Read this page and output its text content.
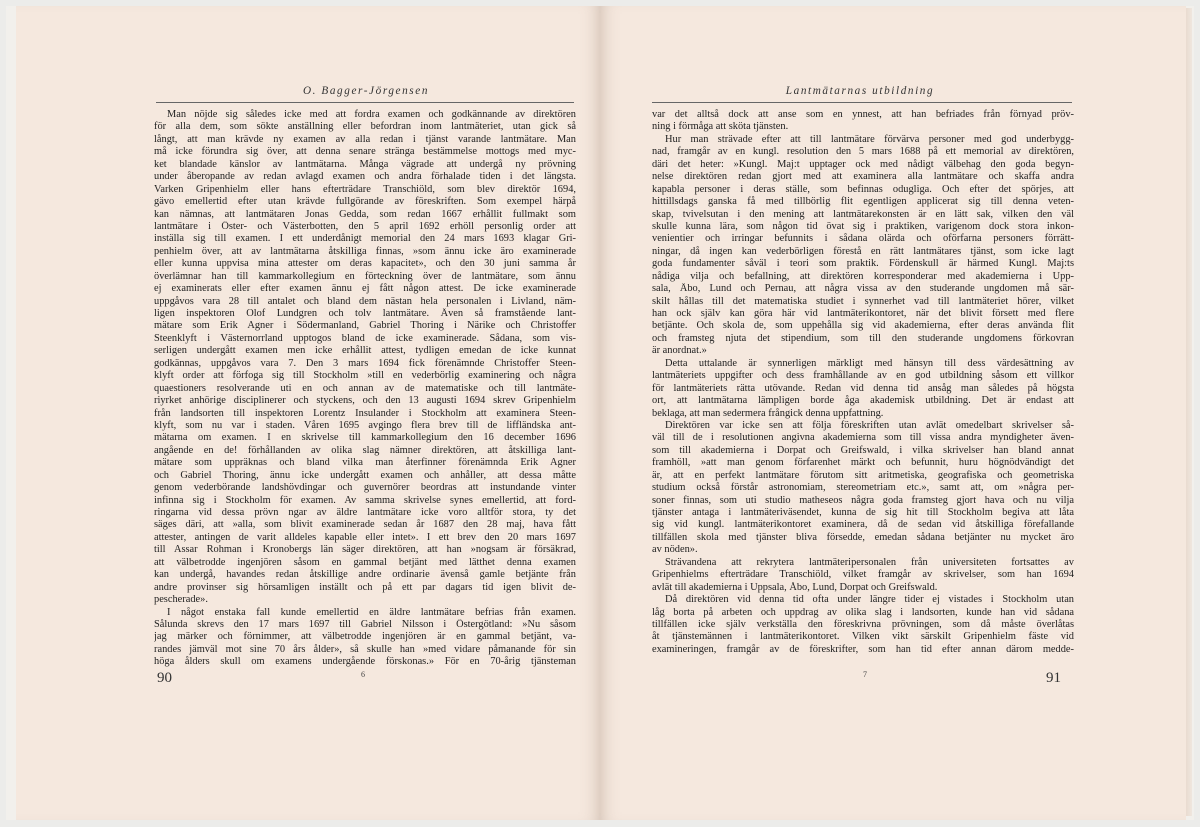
O. Bagger-Jörgensen
Man nöjde sig således icke med att fordra examen och godkännande av direktören
för alla dem, som sökte anställning eller befordran inom lantmäteriet, utan gick så
långt, att man krävde ny examen av alla redan i tjänst varande lantmätare. Man
må icke förundra sig över, att denna senare stränga bestämmelse mottogs med myc-
ket blandade känslor av lantmätarna. Många vägrade att undergå ny prövning
under åberopande av redan avlagd examen och andra förhalade tiden i det längsta.
Varken Gripenhielm eller hans efterträdare Transchiöld, som blev direktör 1694,
gävo emellertid efter utan krävde fullgörande av föreskriften. Som exempel härpå
kan nämnas, att lantmätaren Jonas Gedda, som redan 1667 erhållit fullmakt som
lantmätare i Öster- och Västerbotten, den 5 april 1692 erhöll personlig order att
inställa sig till examen. I ett underdånigt memorial den 24 mars 1693 klagar Gri-
penhielm över, att av lantmätarna åtskilliga finnas, »som ännu icke äro examinerade
eller kunna uppvisa mina attester om deras kapacitet», och den 30 juni samma år
överlämnar han till kammarkollegium en förteckning över de lantmätare, som ännu
ej examinerats eller efter examen ännu ej fått någon attest. De icke examinerade
uppgåvos vara 28 till antalet och bland dem nästan hela personalen i Livland, näm-
ligen inspektoren Olof Lundgren och tolv lantmätare. Även så framstående lant-
mätare som Erik Agner i Södermanland, Gabriel Thoring i Närike och Christoffer
Steenklyft i Västernorrland upptogos bland de icke examinerade. Sådana, som vis-
serligen undergått examen men icke erhållit attest, tydligen emedan de icke kunnat
godkännas, uppgåvos vara 7. Den 3 mars 1694 fick förenämnde Christoffer Steen-
klyft order att förfoga sig till Stockholm »till en vederbörlig examinering och några
quaestioners resolverande uti en och annan av de matematiske och till lantmäte-
riyrket anhörige disciplinerer och styckens, och den 13 augusti 1694 skrev Gripenhielm
från landsorten till inspektoren Lorentz Insulander i Stockholm att examinera Steen-
klyft, som nu var i staden. Våren 1695 avgingo flera brev till de liffländska ant-
mätarna om examen. I en skrivelse till kammarkollegium den 16 december 1696
angående en de! förhållanden av olika slag nämner direktören, att åtskilliga lant-
mätare som uppräknas och bland vilka man återfinner förenämnda Erik Agner
och Gabriel Thoring, ännu icke undergått examen och anhåller, att dessa måtte
genom vederbörande landshövdingar och guvernörer beordras att instundande vinter
infinna sig i Stockholm för examen. Av samma skrivelse synes emellertid, att ford-
ringarna vid dessa prövn ngar av äldre lantmätare icke voro alltför stora, ty det
säges däri, att »alla, som blivit examinerade sedan år 1687 den 28 maj, hava fått
attester, antingen de varit alldeles kapable eller intet». I ett brev den 20 mars 1697
till Assar Rohman i Kronobergs län säger direktören, att han »nogsam är försäkrad,
att välbetrodde ingenjören såsom en gammal betjänt med lätthet denna examen
kan undergå, havandes redan åtskillige andre ordinarie ävenså gamle betjänte från
andre provinser sig hörsamligen inställt och på ett par dagars tid igen blivit de-
pescherade».
I något enstaka fall kunde emellertid en äldre lantmätare befrias från examen.
Sålunda skrevs den 17 mars 1697 till Gabriel Nilsson i Östergötland: »Nu såsom
jag märker och förnimmer, att välbetrodde ingenjören är en gammal betjänt, va-
randes jämväl mot sine 70 års ålder», så skulle han »med vidare påmanande för sin
höga ålders skull om examens undergående förskonas.» För en 70-årig tjänsteman
90	6
Lantmätarnas utbildning
var det alltså dock att anse som en ynnest, att han befriades från förnyad pröv-
ning i förmåga att sköta tjänsten.
Hur man strävade efter att till lantmätare förvärva personer med god underbygg-
nad, framgår av en kungl. resolution den 5 mars 1688 på ett memorial av direktören,
däri det heter: »Kungl. Maj:t upptager ock med nådigt välbehag den goda begyn-
nelse direktören redan gjort med att examinera alla lantmätare och skaffa andra
kapabla personer i deras ställe, som befinnas odugliga. Och efter det spörjes, att
hittillsdags ganska få med tillbörlig flit egentligen applicerat sig till denna veten-
skap, tvivelsutan i den mening att lantmätarekonsten är en lätt sak, vilken den väl
skulle kunna lära, som någon tid övat sig i praktiken, varigenom dock stora inkon-
venientier och irringar befunnits i sådana olärda och oförfarna personers förrätt-
ningar, då ingen kan vederbörligen förestå en rätt lantmätares tjänst, som icke lagt
goda fundamenter såväl i teori som praktik. Fördenskull är härmed Kungl. Maj:ts
nådiga vilja och befallning, att direktören korresponderar med akademierna i Upp-
sala, Åbo, Lund och Pernau, att några vissa av den studerande ungdomen må sär-
skilt hållas till det matematiska studiet i synnerhet vad till lantmäteriet hörer, vilket
han ock själv kan göra här vid lantmäterikontoret, när det blivit försett med flere
betjänte. Och skola de, som uppehålla sig vid akademierna, efter deras använda flit
och framsteg njuta det stipendium, som till den studerande ungdomens förkovran
är anordnat.»
Detta uttalande är synnerligen märkligt med hänsyn till dess värdesättning av
lantmäteriets uppgifter och dess framhållande av en god utbildning såsom ett villkor
för lantmäteriets rätta utövande. Redan vid denna tid ansåg man således på högsta
ort, att lantmätarna lämpligen borde åga akademisk utbildning. Det är endast att
beklaga, att man sedermera frångick denna uppfattning.
Direktören var icke sen att följa föreskriften utan avlät omedelbart skrivelser så-
väl till de i resolutionen angivna akademierna som till vissa andra myndigheter även-
som till akademierna i Dorpat och Greifswald, i vilka skrivelser han bland annat
framhöll, »att man genom förfarenhet märkt och befunnit, huru högnödvändigt det
är, att en perfekt lantmätare förutom sitt aritmetiska, geografiska och geometriska
studium också förstår astronomiam, stereometriam etc.», samt att, om »några per-
soner finnas, som uti studio matheseos några goda framsteg gjort hava och nu vilja
tjänster antaga i lantmäteriväsendet, kunna de sig hit till Stockholm begiva att låta
sig vid kungl. lantmäterikontoret examinera, då de sedan vid åtskilliga förefallande
tillfällen skola med tjänster bliva försedde, emedan sådana betjänter nu mycket äro
av nöden».
Strävandena att rekrytera lantmäteripersonalen från universiteten fortsattes av
Gripenhielms efterträdare Transchiöld, vilket framgår av skrivelser, som han 1694
avlät till akademierna i Uppsala, Åbo, Lund, Dorpat och Greifswald.
Då direktören vid denna tid ofta under längre tider ej vistades i Stockholm utan
låg borta på arbeten och uppdrag av olika slag i landsorten, kunde han vid sådana
tillfällen icke själv verkställa den föreskrivna prövningen, som då måste överlåtas
åt tjänstemännen i lantmäterikontoret. Vilken vikt särskilt Gripenhielm fäste vid
examineringen, framgår av de föreskrifter, som han tid efter annan därom medde-
91
7
